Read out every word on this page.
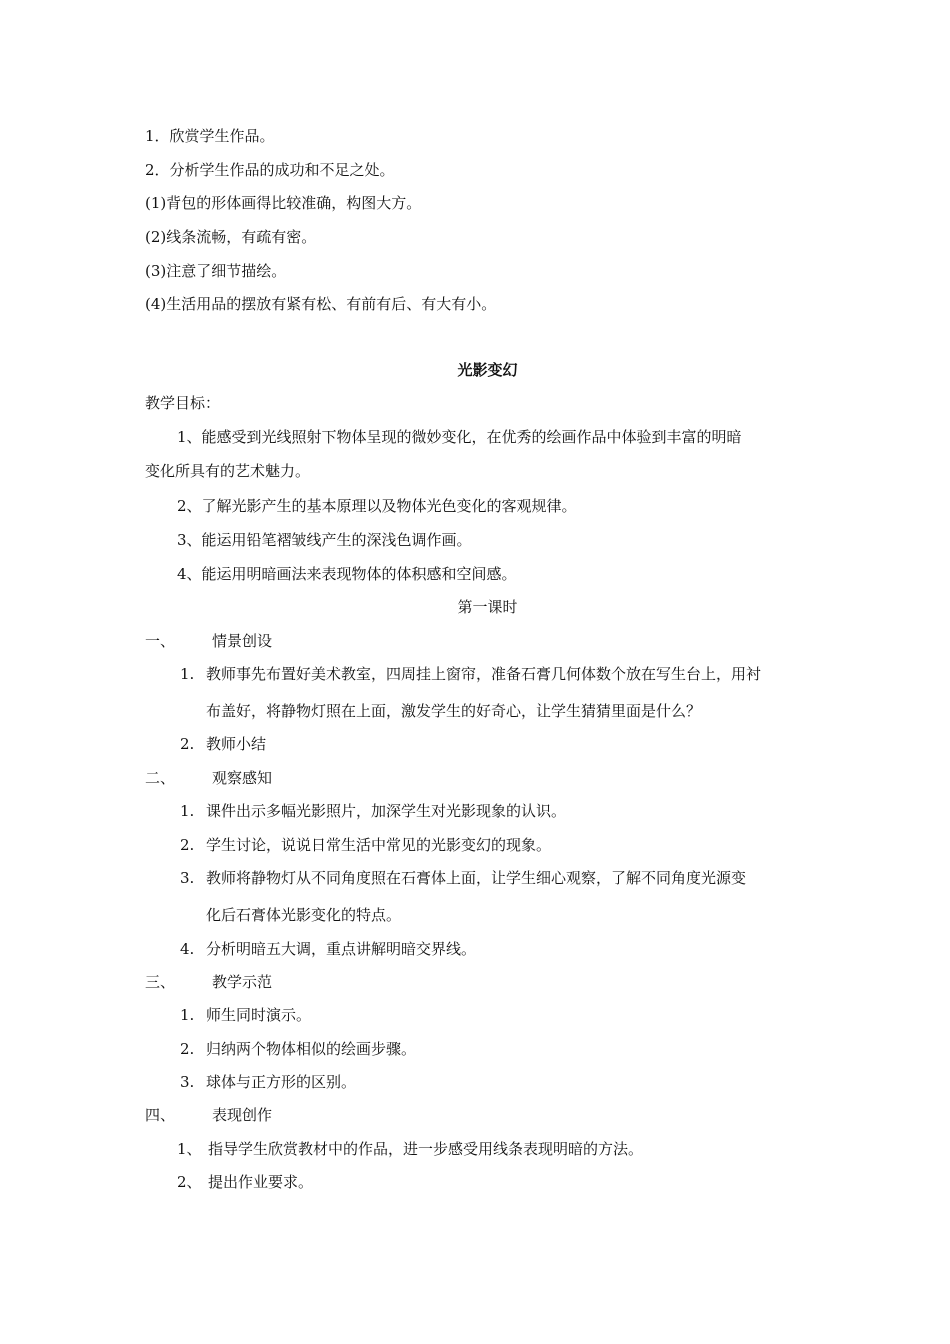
1．欣赏学生作品。
2．分析学生作品的成功和不足之处。
(1)背包的形体画得比较准确，构图大方。
(2)线条流畅，有疏有密。
(3)注意了细节描绘。
(4)生活用品的摆放有紧有松、有前有后、有大有小。
光影变幻
教学目标：
1、能感受到光线照射下物体呈现的微妙变化，在优秀的绘画作品中体验到丰富的明暗
变化所具有的艺术魅力。
2、了解光影产生的基本原理以及物体光色变化的客观规律。
3、能运用铅笔褶皱线产生的深浅色调作画。
4、能运用明暗画法来表现物体的体积感和空间感。
第一课时
一、 情景创设
1. 教师事先布置好美术教室，四周挂上窗帘，准备石膏几何体数个放在写生台上，用衬
布盖好，将静物灯照在上面，激发学生的好奇心，让学生猜猜里面是什么？
2. 教师小结
二、 观察感知
1. 课件出示多幅光影照片，加深学生对光影现象的认识。
2. 学生讨论，说说日常生活中常见的光影变幻的现象。
3. 教师将静物灯从不同角度照在石膏体上面，让学生细心观察，了解不同角度光源变
化后石膏体光影变化的特点。
4. 分析明暗五大调，重点讲解明暗交界线。
三、 教学示范
1. 师生同时演示。
2. 归纳两个物体相似的绘画步骤。
3. 球体与正方形的区别。
四、 表现创作
1、 指导学生欣赏教材中的作品，进一步感受用线条表现明暗的方法。
2、 提出作业要求。
